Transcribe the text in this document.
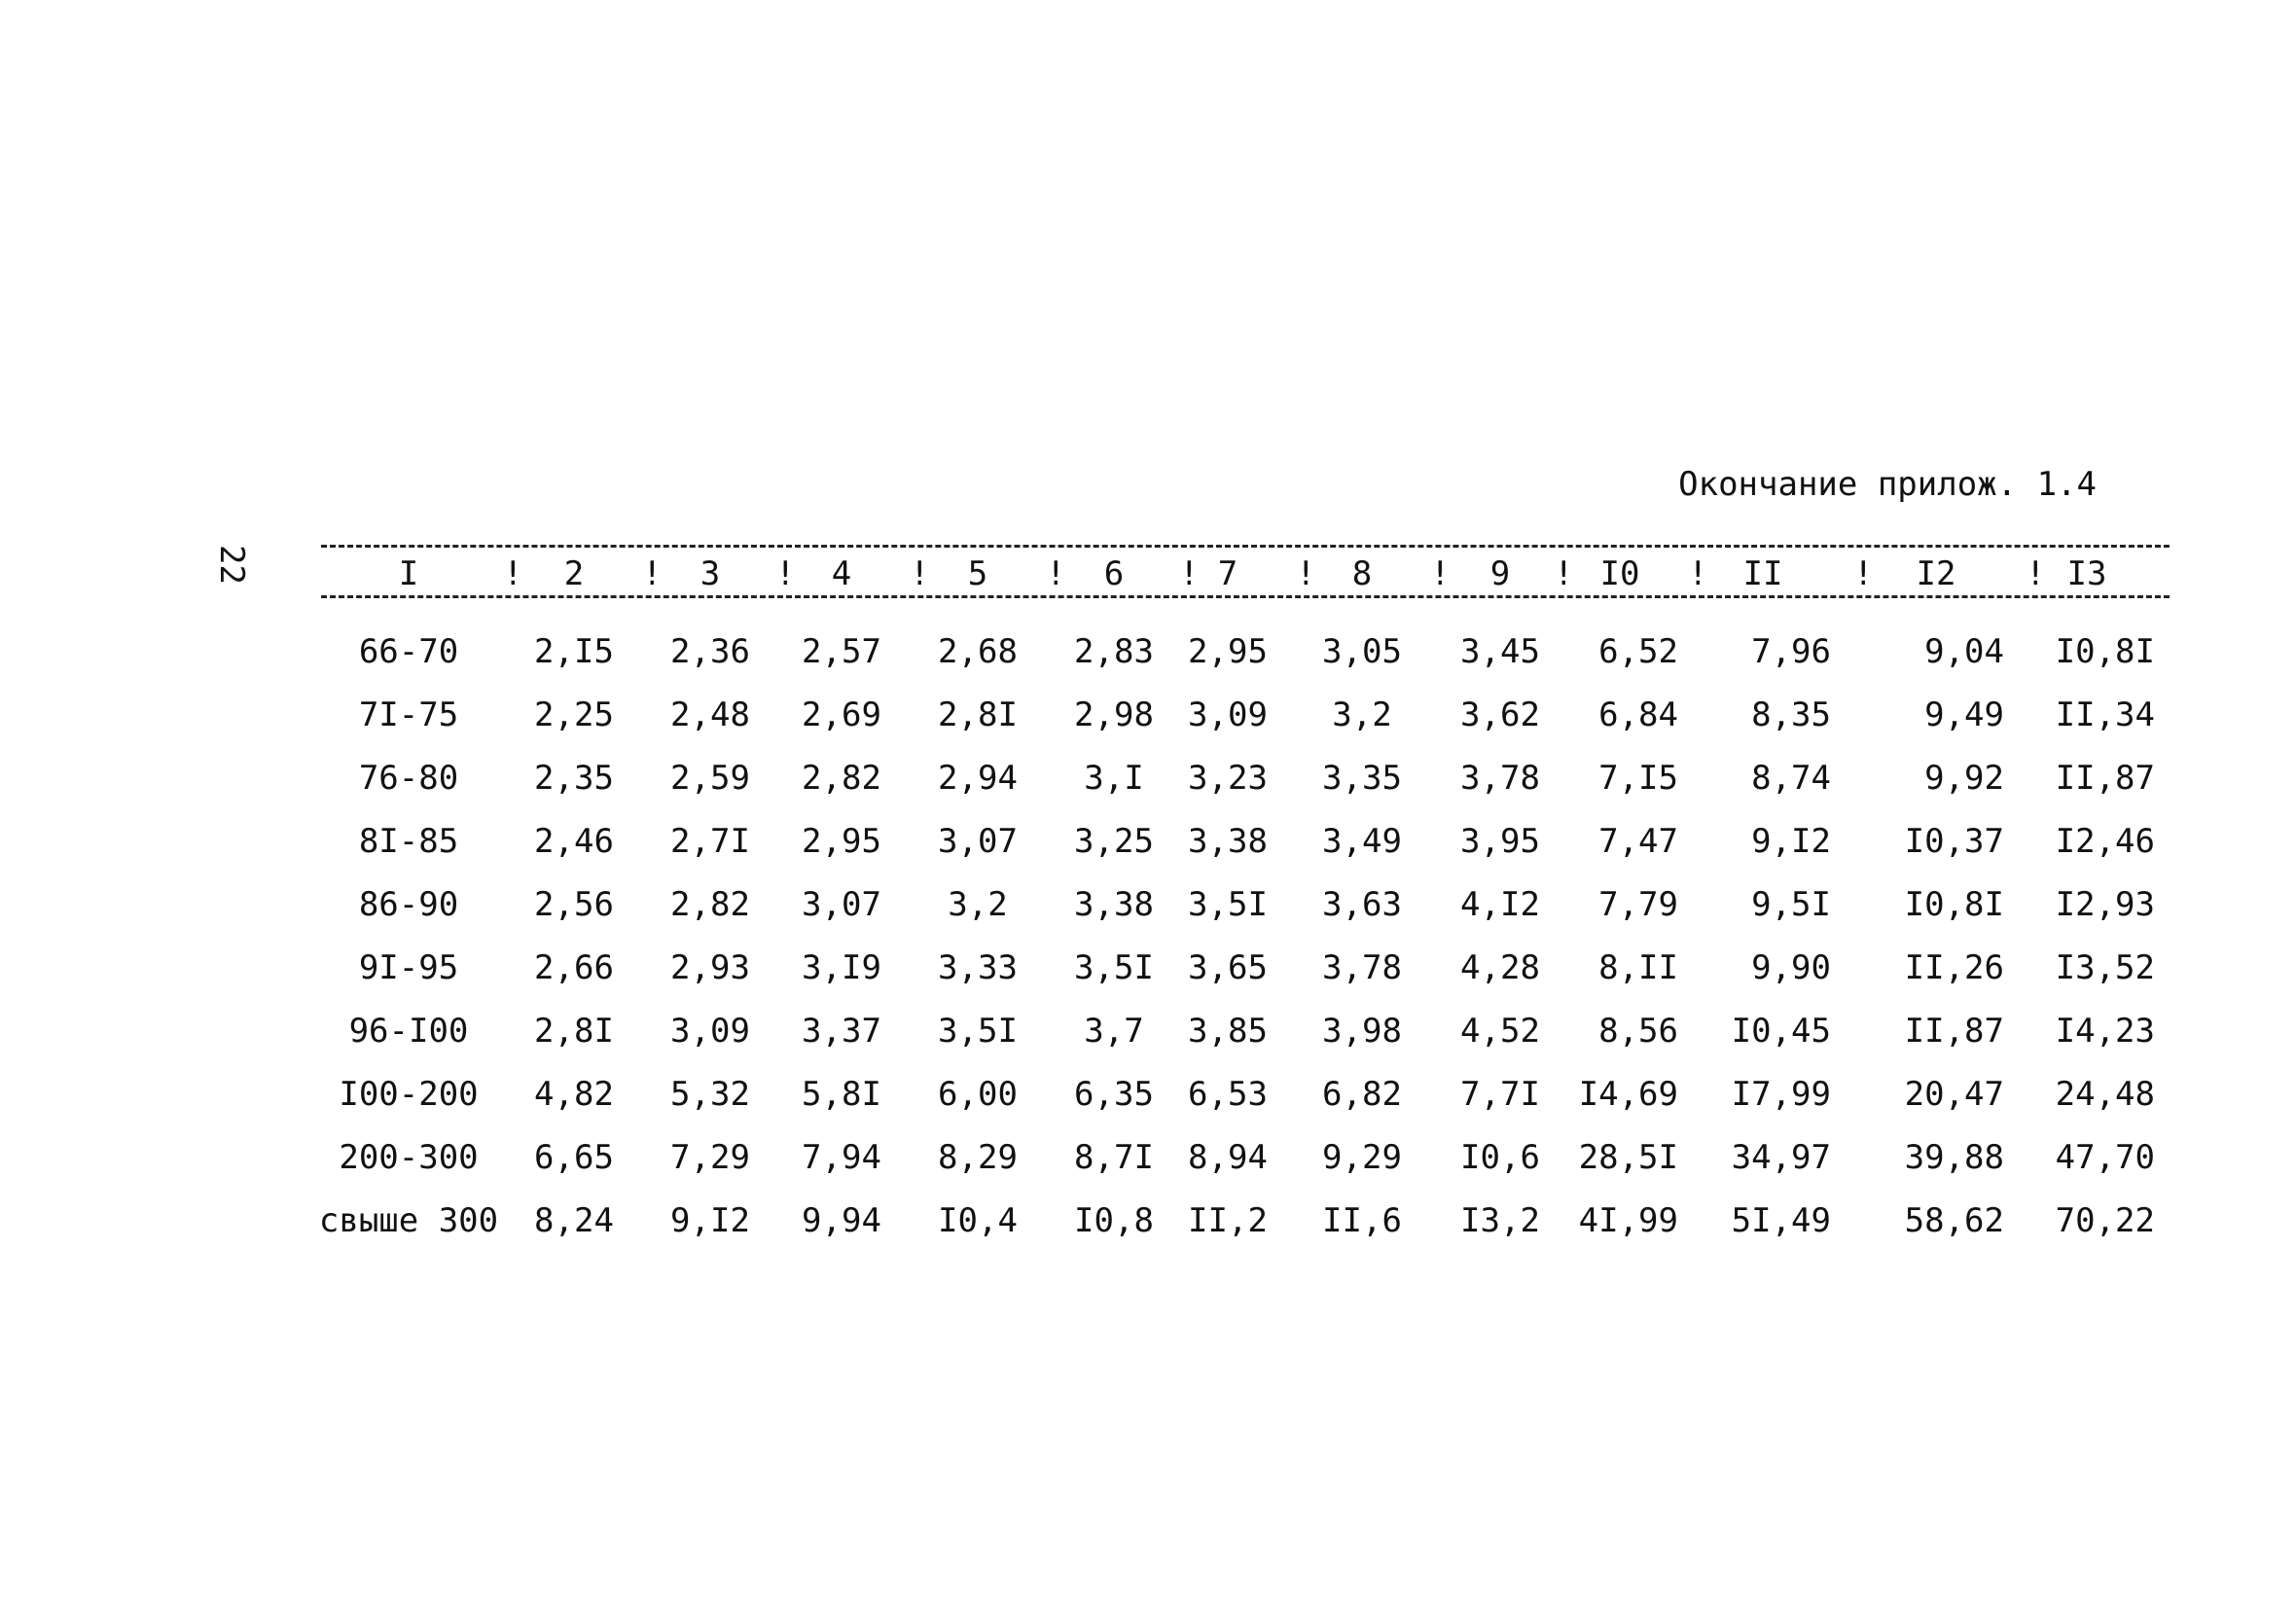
22
Окончание прилож. 1.4
I	2	3	4	5	6	7	8	9	I0	II	I2	I3
!	!	!	!	!	!	!	!	!	!	!	!
66-70	2,I5	2,36	2,57	2,68	2,83	2,95	3,05	3,45	6,52	7,96	9,04	I0,8I
7I-75	2,25	2,48	2,69	2,8I	2,98	3,09	3,2	3,62	6,84	8,35	9,49	II,34
76-80	2,35	2,59	2,82	2,94	3,I	3,23	3,35	3,78	7,I5	8,74	9,92	II,87
8I-85	2,46	2,7I	2,95	3,07	3,25	3,38	3,49	3,95	7,47	9,I2	I0,37	I2,46
86-90	2,56	2,82	3,07	3,2	3,38	3,5I	3,63	4,I2	7,79	9,5I	I0,8I	I2,93
9I-95	2,66	2,93	3,I9	3,33	3,5I	3,65	3,78	4,28	8,II	9,90	II,26	I3,52
96-I00	2,8I	3,09	3,37	3,5I	3,7	3,85	3,98	4,52	8,56	I0,45	II,87	I4,23
I00-200	4,82	5,32	5,8I	6,00	6,35	6,53	6,82	7,7I	I4,69	I7,99	20,47	24,48
200-300	6,65	7,29	7,94	8,29	8,7I	8,94	9,29	I0,6	28,5I	34,97	39,88	47,70
свыше 300	8,24	9,I2	9,94	I0,4	I0,8	II,2	II,6	I3,2	4I,99	5I,49	58,62	70,22
